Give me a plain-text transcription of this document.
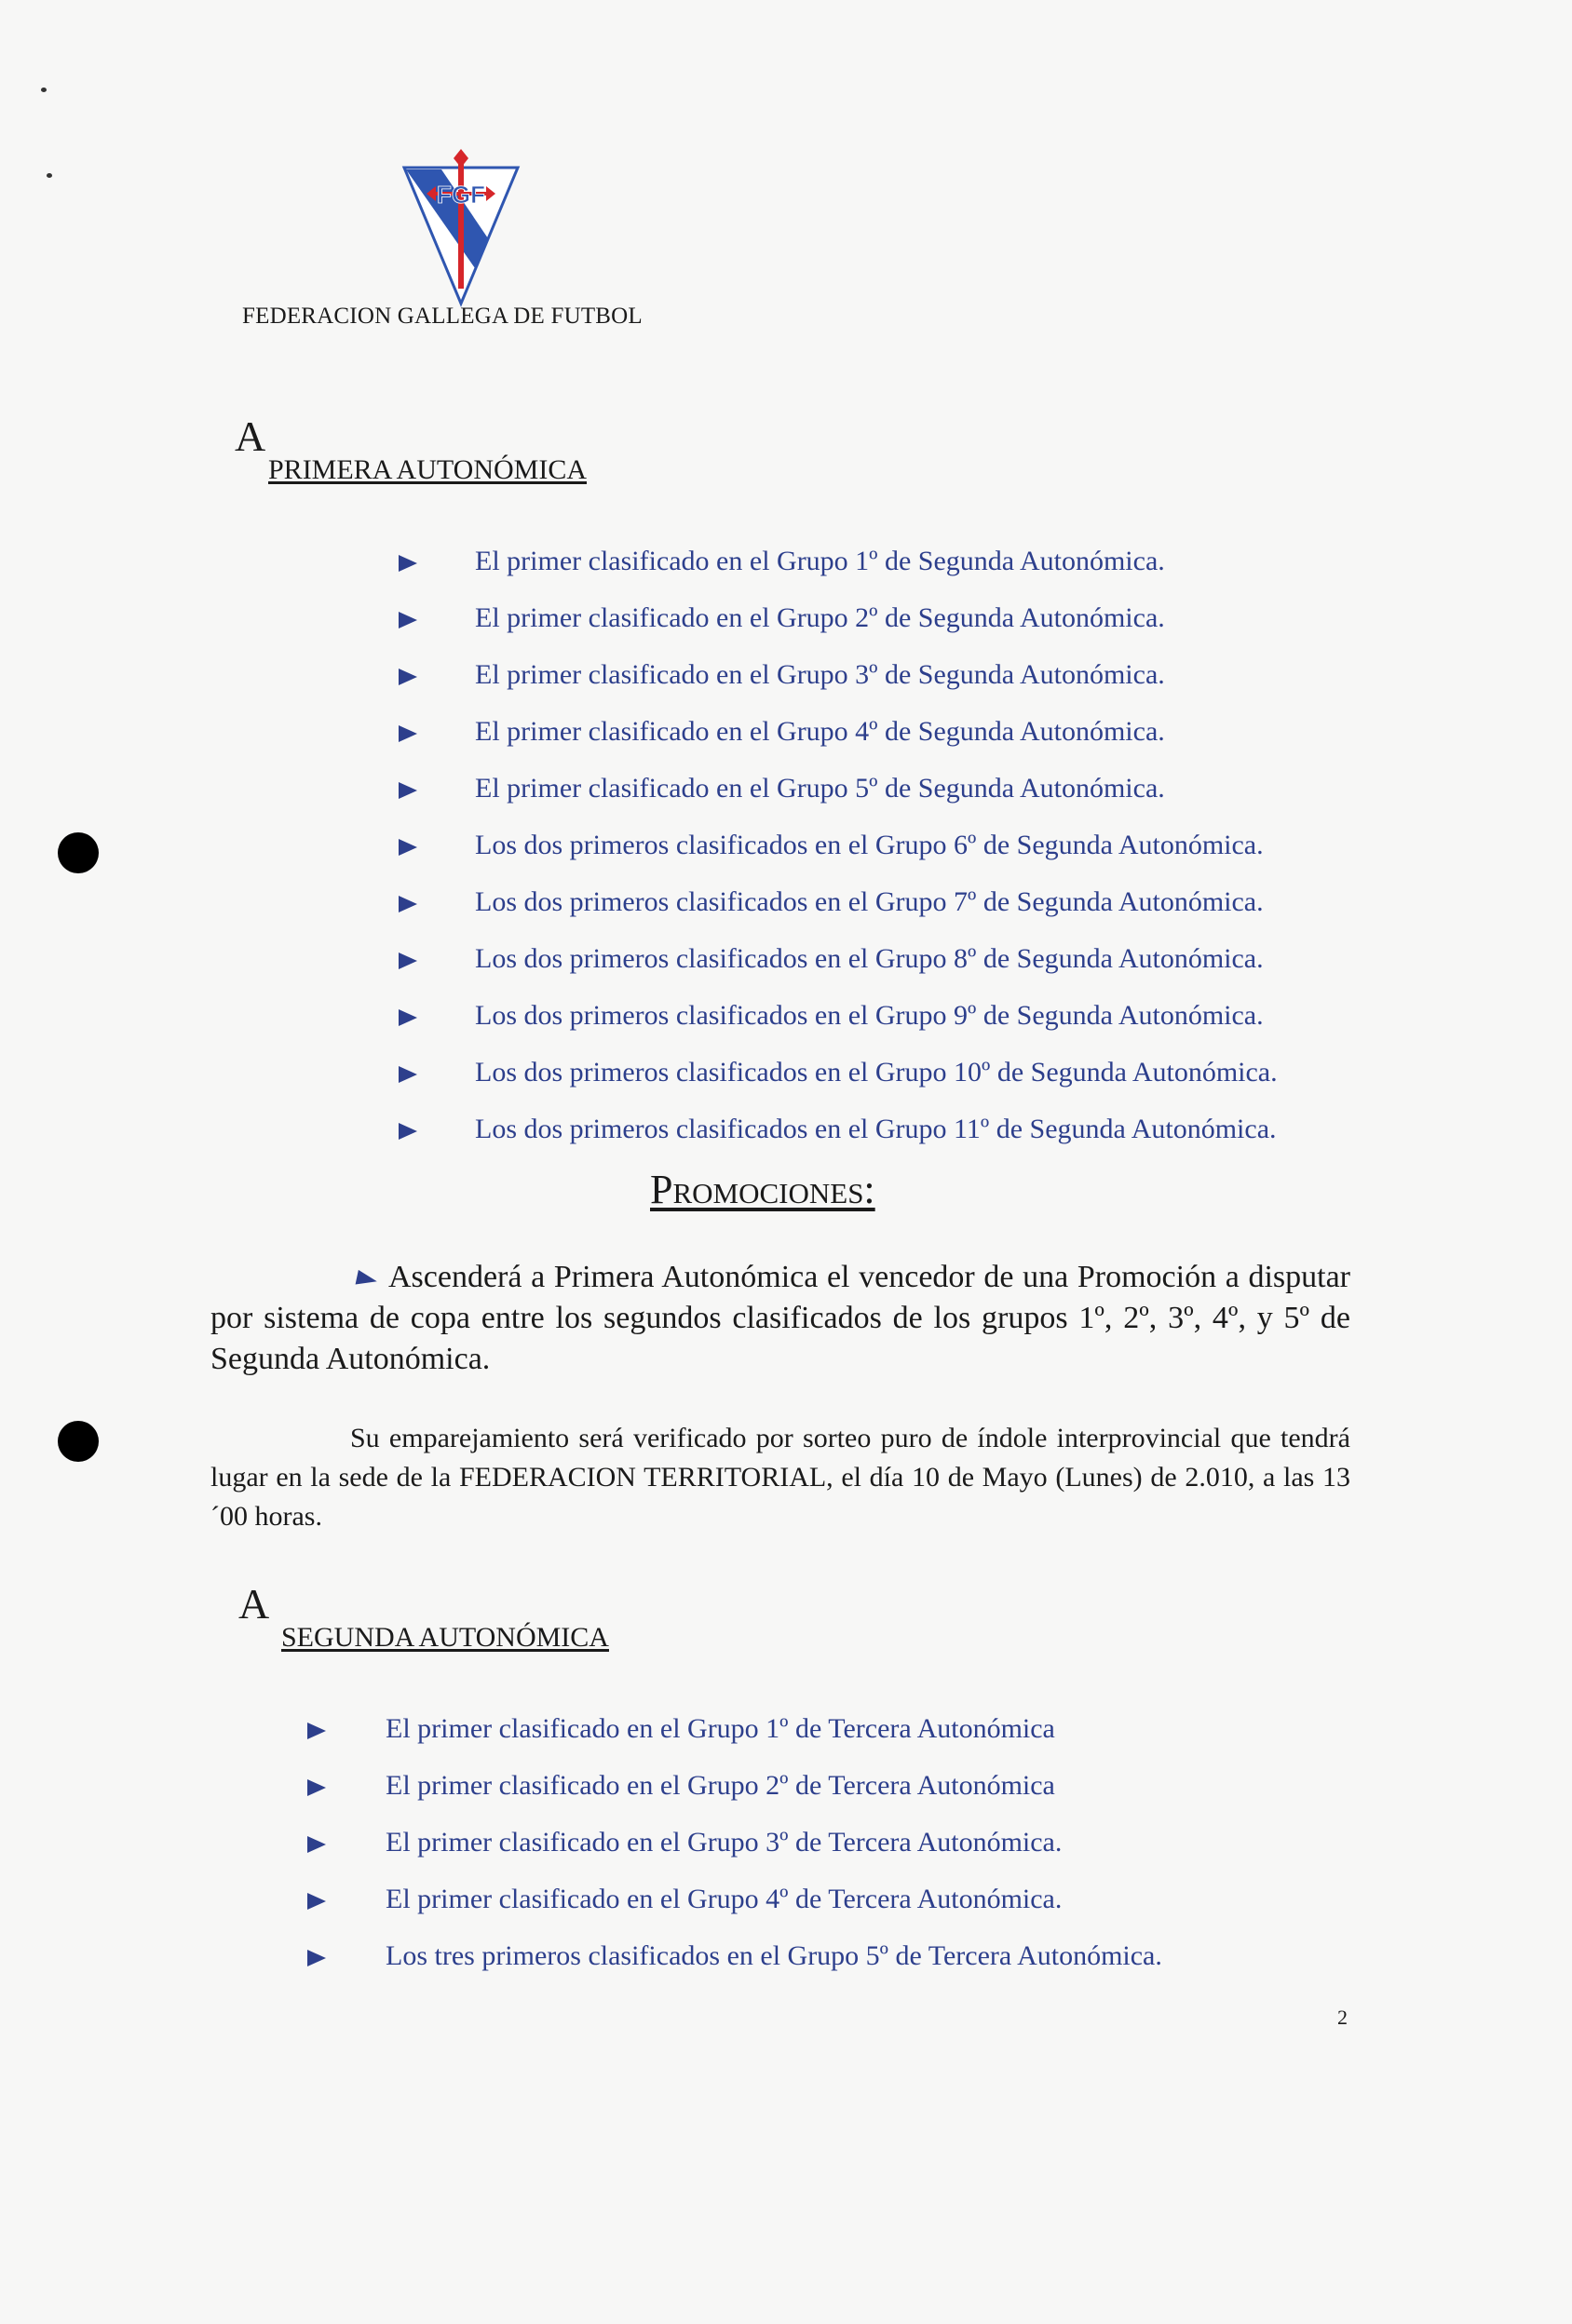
FGF
FEDERACION GALLEGA DE FUTBOL
A
PRIMERA AUTONÓMICA
El primer clasificado en el Grupo 1º de Segunda Autonómica.
El primer clasificado en el Grupo 2º de Segunda Autonómica.
El primer clasificado en el Grupo 3º de Segunda Autonómica.
El primer clasificado en el Grupo 4º de Segunda Autonómica.
El primer clasificado en el Grupo 5º de Segunda Autonómica.
Los dos primeros clasificados en el Grupo 6º de Segunda Autonómica.
Los dos primeros clasificados en el Grupo 7º de Segunda Autonómica.
Los dos primeros clasificados en el Grupo 8º de Segunda Autonómica.
Los dos primeros clasificados en el Grupo 9º de Segunda Autonómica.
Los dos primeros clasificados en el Grupo 10º de Segunda Autonómica.
Los dos primeros clasificados en el Grupo 11º de Segunda Autonómica.
Promociones:
Ascenderá a Primera Autonómica el vencedor de una Promoción a disputar por sistema de copa entre los segundos clasificados de los grupos 1º, 2º, 3º, 4º, y 5º de Segunda Autonómica.
Su emparejamiento será verificado por sorteo puro de índole interprovincial que tendrá lugar en la sede de la FEDERACION TERRITORIAL, el día 10 de Mayo (Lunes) de 2.010, a las 13´00 horas.
A
SEGUNDA AUTONÓMICA
El primer clasificado en el Grupo 1º de Tercera Autonómica
El primer clasificado en el Grupo 2º de Tercera Autonómica
El primer clasificado en el Grupo 3º de Tercera Autonómica.
El primer clasificado en el Grupo 4º de Tercera Autonómica.
Los tres primeros clasificados en el Grupo 5º de Tercera Autonómica.
2
